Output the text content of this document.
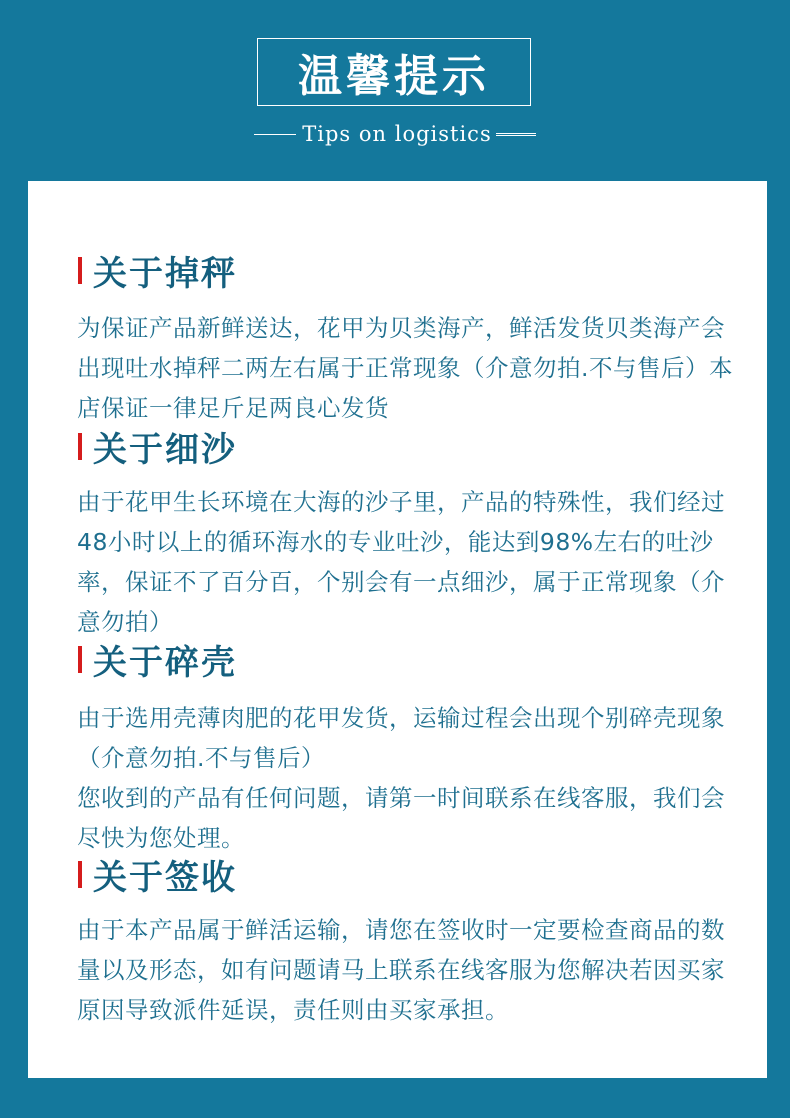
温馨提示
Tips on logistics
关于掉秤

为保证产品新鲜送达，花甲为贝类海产，鲜活发货贝类海产会出现吐水掉秤二两左右属于正常现象（介意勿拍.不与售后）本店保证一律足斤足两良心发货

关于细沙

由于花甲生长环境在大海的沙子里，产品的特殊性，我们经过48小时以上的循环海水的专业吐沙，能达到98%左右的吐沙率，保证不了百分百，个别会有一点细沙，属于正常现象（介意勿拍）

关于碎壳

由于选用壳薄肉肥的花甲发货，运输过程会出现个别碎壳现象（介意勿拍.不与售后）

您收到的产品有任何问题，请第一时间联系在线客服，我们会尽快为您处理。

关于签收

由于本产品属于鲜活运输，请您在签收时一定要检查商品的数量以及形态，如有问题请马上联系在线客服为您解决若因买家原因导致派件延误，责任则由买家承担。
